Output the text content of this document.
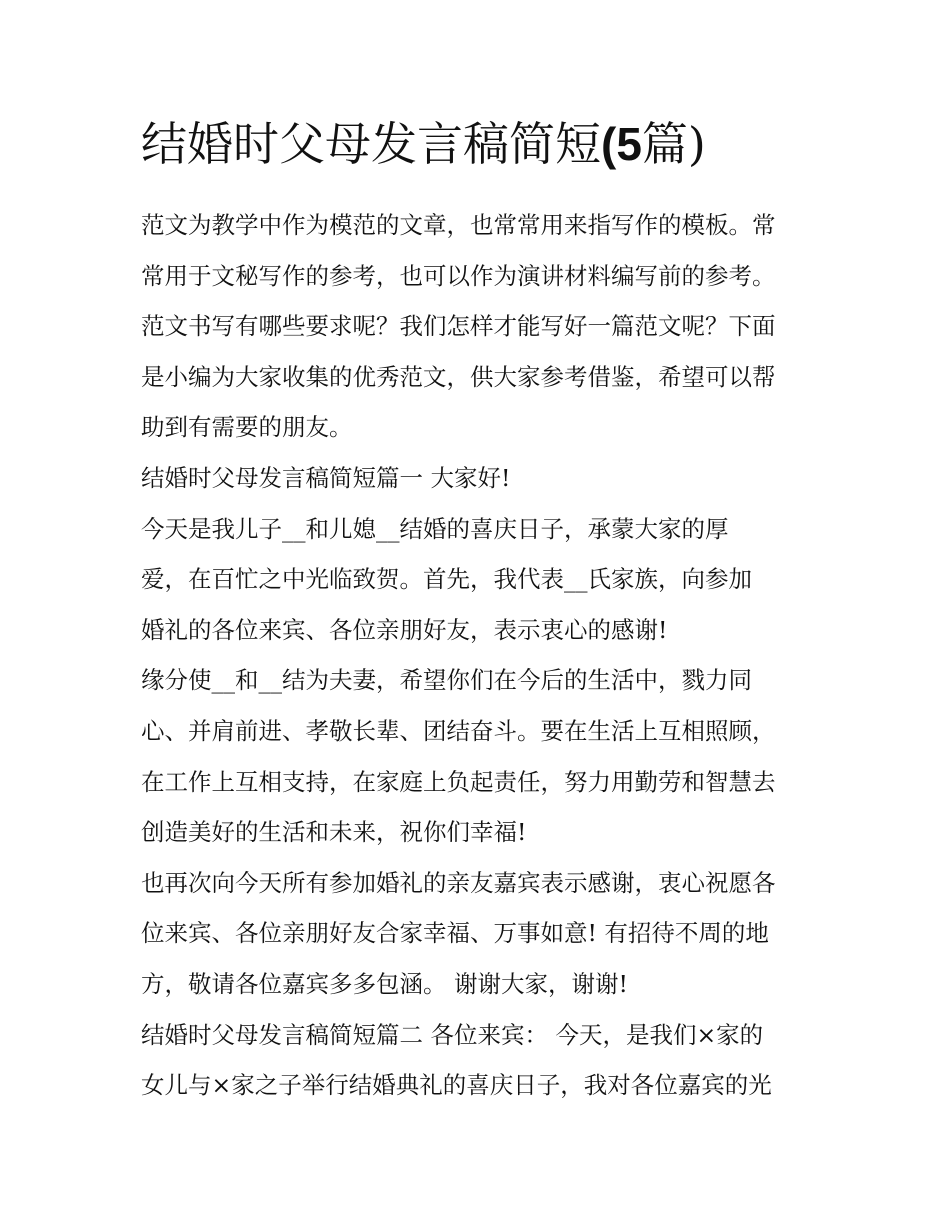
结婚时父母发言稿简短(5篇)
范文为教学中作为模范的文章，也常常用来指写作的模板。常
常用于文秘写作的参考，也可以作为演讲材料编写前的参考。
范文书写有哪些要求呢？我们怎样才能写好一篇范文呢？下面
是小编为大家收集的优秀范文，供大家参考借鉴，希望可以帮
助到有需要的朋友。
结婚时父母发言稿简短篇一 大家好!
今天是我儿子__和儿媳__结婚的喜庆日子，承蒙大家的厚
爱，在百忙之中光临致贺。首先，我代表__氏家族，向参加
婚礼的各位来宾、各位亲朋好友，表示衷心的感谢!
缘分使__和__结为夫妻，希望你们在今后的生活中，戮力同
心、并肩前进、孝敬长辈、团结奋斗。要在生活上互相照顾，
在工作上互相支持，在家庭上负起责任，努力用勤劳和智慧去
创造美好的生活和未来，祝你们幸福!
也再次向今天所有参加婚礼的亲友嘉宾表示感谢，衷心祝愿各
位来宾、各位亲朋好友合家幸福、万事如意! 有招待不周的地
方，敬请各位嘉宾多多包涵。 谢谢大家，谢谢!
结婚时父母发言稿简短篇二 各位来宾： 今天，是我们×家的
女儿与×家之子举行结婚典礼的喜庆日子，我对各位嘉宾的光
